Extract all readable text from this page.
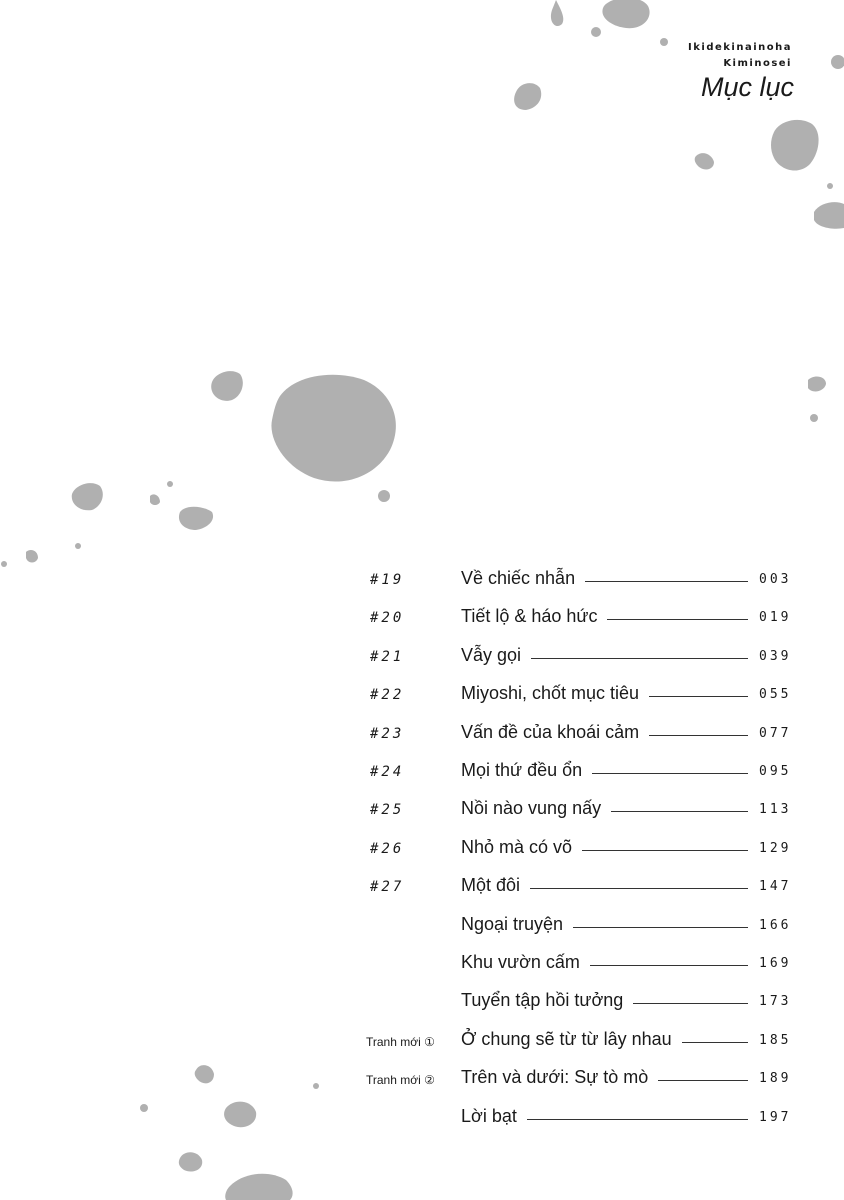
Ikidekinainoha
Kiminosei
Mục lục
#19	Về chiếc nhẫn	003
#20	Tiết lộ & háo hức	019
#21	Vẫy gọi	039
#22	Miyoshi, chốt mục tiêu	055
#23	Vấn đề của khoái cảm	077
#24	Mọi thứ đều ổn	095
#25	Nồi nào vung nấy	113
#26	Nhỏ mà có võ	129
#27	Một đôi	147
Ngoại truyện	166
Khu vườn cấm	169
Tuyển tập hồi tưởng	173
Tranh mới ① Ở chung sẽ từ từ lây nhau	185
Tranh mới ② Trên và dưới: Sự tò mò	189
Lời bạt	197
